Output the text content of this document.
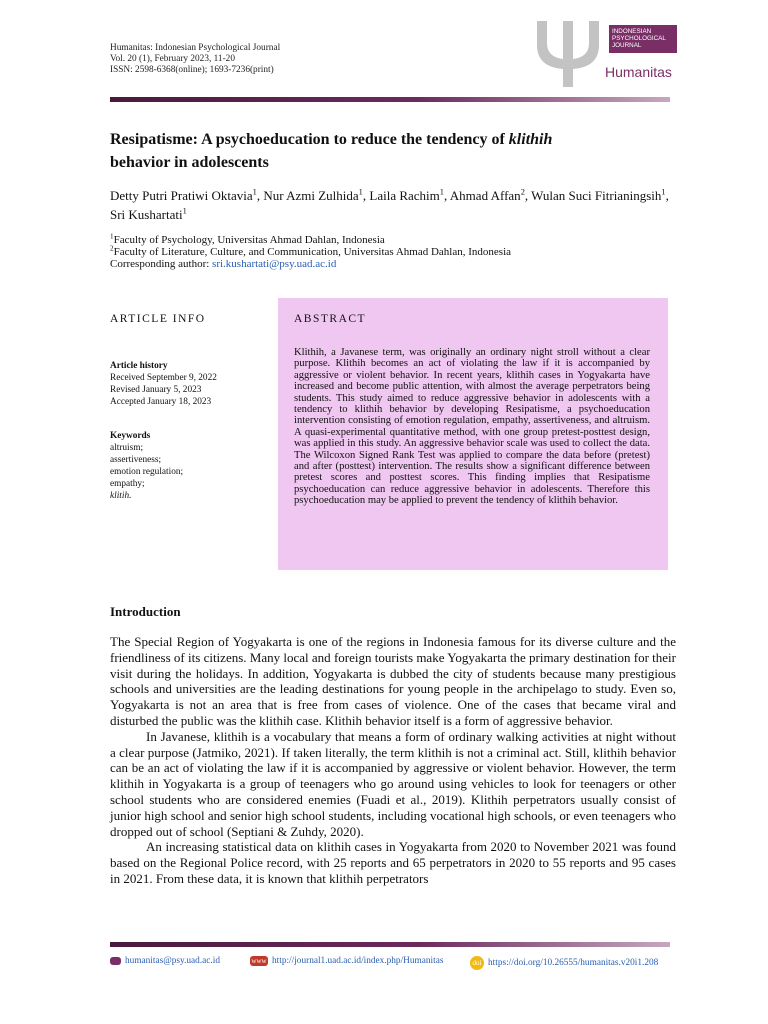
Humanitas: Indonesian Psychological Journal
Vol. 20 (1), February 2023, 11-20
ISSN: 2598-6368(online); 1693-7236(print)
INDONESIAN
PSYCHOLOGICAL
JOURNAL
Humanitas
Resipatisme: A psychoeducation to reduce the tendency of klithih
behavior in adolescents
Detty Putri Pratiwi Oktavia$^1$, Nur Azmi Zulhida$^1$, Laila Rachim$^1$, Ahmad Affan$^2$, Wulan Suci Fitrianingsih$^1$, Sri Kushartati$^1$
$^1$Faculty of Psychology, Universitas Ahmad Dahlan, Indonesia
$^2$Faculty of Literature, Culture, and Communication, Universitas Ahmad Dahlan, Indonesia
Corresponding author: sri.kushartati@psy.uad.ac.id
ARTICLE INFO
Article history
Received September 9, 2022
Revised January 5, 2023
Accepted January 18, 2023
Keywords
altruism;
assertiveness;
emotion regulation;
empathy;
klitih.
ABSTRACT
Klithih, a Javanese term, was originally an ordinary night stroll without a clear purpose. Klithih becomes an act of violating the law if it is accompanied by aggressive or violent behavior. In recent years, klithih cases in Yogyakarta have increased and become public attention, with almost the average perpetrators being students. This study aimed to reduce aggressive behavior in adolescents with a tendency to klithih behavior by developing Resipatisme, a psychoeducation intervention consisting of emotion regulation, empathy, assertiveness, and altruism. A quasi-experimental quantitative method, with one group pretest-posttest design, was applied in this study. An aggressive behavior scale was used to collect the data. The Wilcoxon Signed Rank Test was applied to compare the data before (pretest) and after (posttest) intervention. The results show a significant difference between pretest scores and posttest scores. This finding implies that Resipatisme psychoeducation can reduce aggressive behavior in adolescents. Therefore this psychoeducation may be applied to prevent the tendency of klithih behavior.
Introduction

The Special Region of Yogyakarta is one of the regions in Indonesia famous for its diverse culture and the friendliness of its citizens. Many local and foreign tourists make Yogyakarta the primary destination for their visit during the holidays. In addition, Yogyakarta is dubbed the city of students because many prestigious schools and universities are the leading destinations for young people in the archipelago to study. Even so, Yogyakarta is not an area that is free from cases of violence. One of the cases that became viral and disturbed the public was the klithih case. Klithih behavior itself is a form of aggressive behavior.

In Javanese, klithih is a vocabulary that means a form of ordinary walking activities at night without a clear purpose (Jatmiko, 2021). If taken literally, the term klithih is not a criminal act. Still, klithih behavior can be an act of violating the law if it is accompanied by aggressive or violent behavior. However, the term klithih in Yogyakarta is a group of teenagers who go around using vehicles to look for teenagers or other school students who are considered enemies (Fuadi et al., 2019). Klithih perpetrators usually consist of junior high school and senior high school students, including vocational high schools, or even teenagers who dropped out of school (Septiani & Zuhdy, 2020).

An increasing statistical data on klithih cases in Yogyakarta from 2020 to November 2021 was found based on the Regional Police record, with 25 reports and 65 perpetrators in 2020 to 55 reports and 95 cases in 2021. From these data, it is known that klithih perpetrators

humanitas@psy.uad.ac.id	www http://journal1.uad.ac.id/index.php/Humanitas	doi https://doi.org/10.26555/humanitas.v20i1.208
